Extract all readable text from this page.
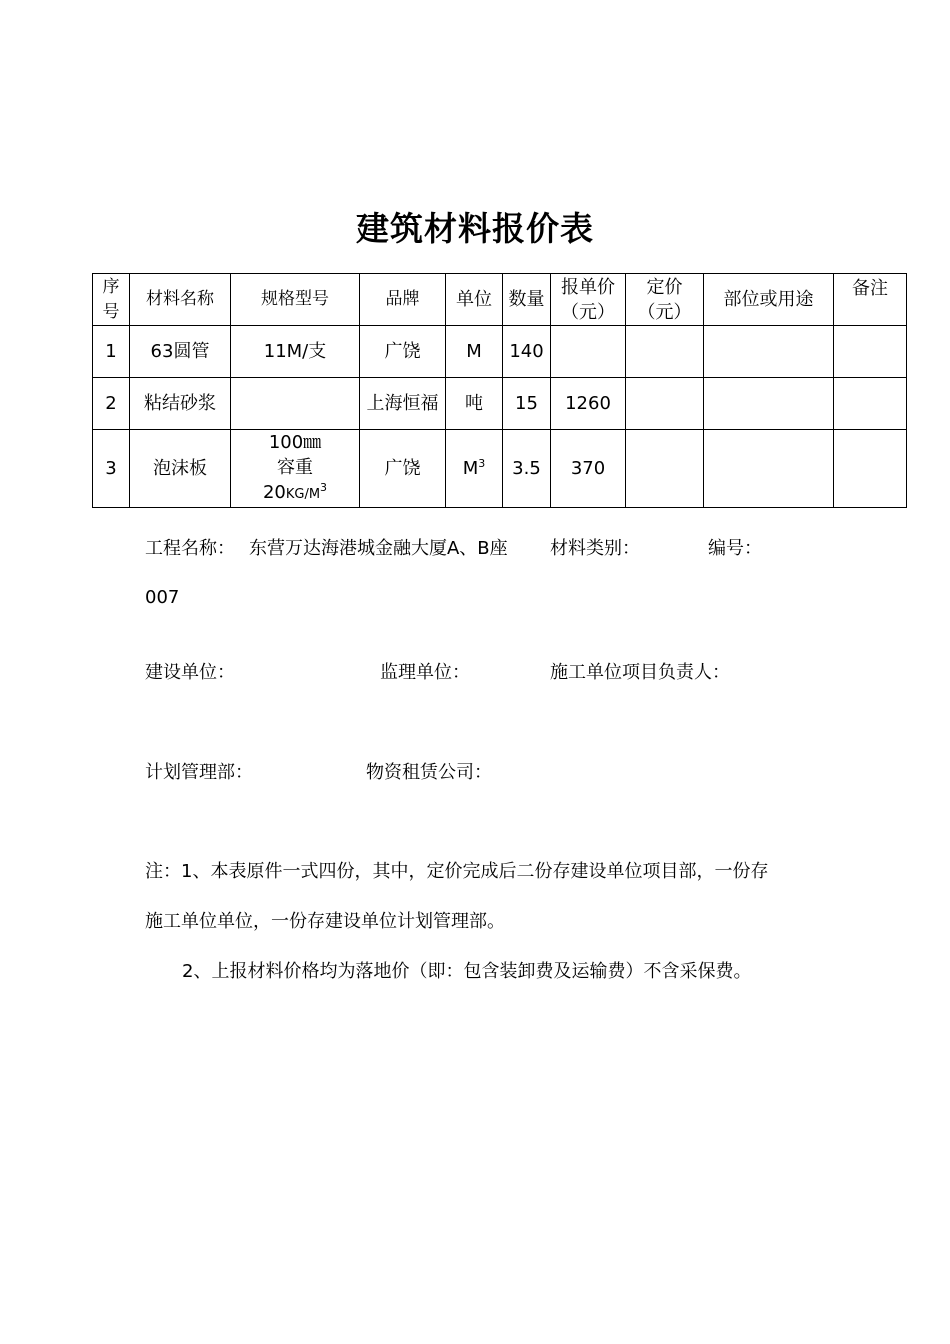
建筑材料报价表
序号	材料名称	规格型号	品牌	单位	数量	报单价（元）	定价（元）	部位或用途	备注
1	63圆管	11M/支	广饶	M	140				
2	粘结砂浆		上海恒福	吨	15	1260			
3	泡沫板	100㎜
容重
$20KG/M^3$	广饶	$M^3$	3.5	370			
工程名称： 东营万达海港城金融大厦A、B座 材料类别：	编号：
007
建设单位：	监理单位：	施工单位项目负责人：
计划管理部：	物资租赁公司：
注：1、本表原件一式四份，其中，定价完成后二份存建设单位项目部，一份存
施工单位单位，一份存建设单位计划管理部。
2、上报材料价格均为落地价（即：包含装卸费及运输费）不含采保费。
